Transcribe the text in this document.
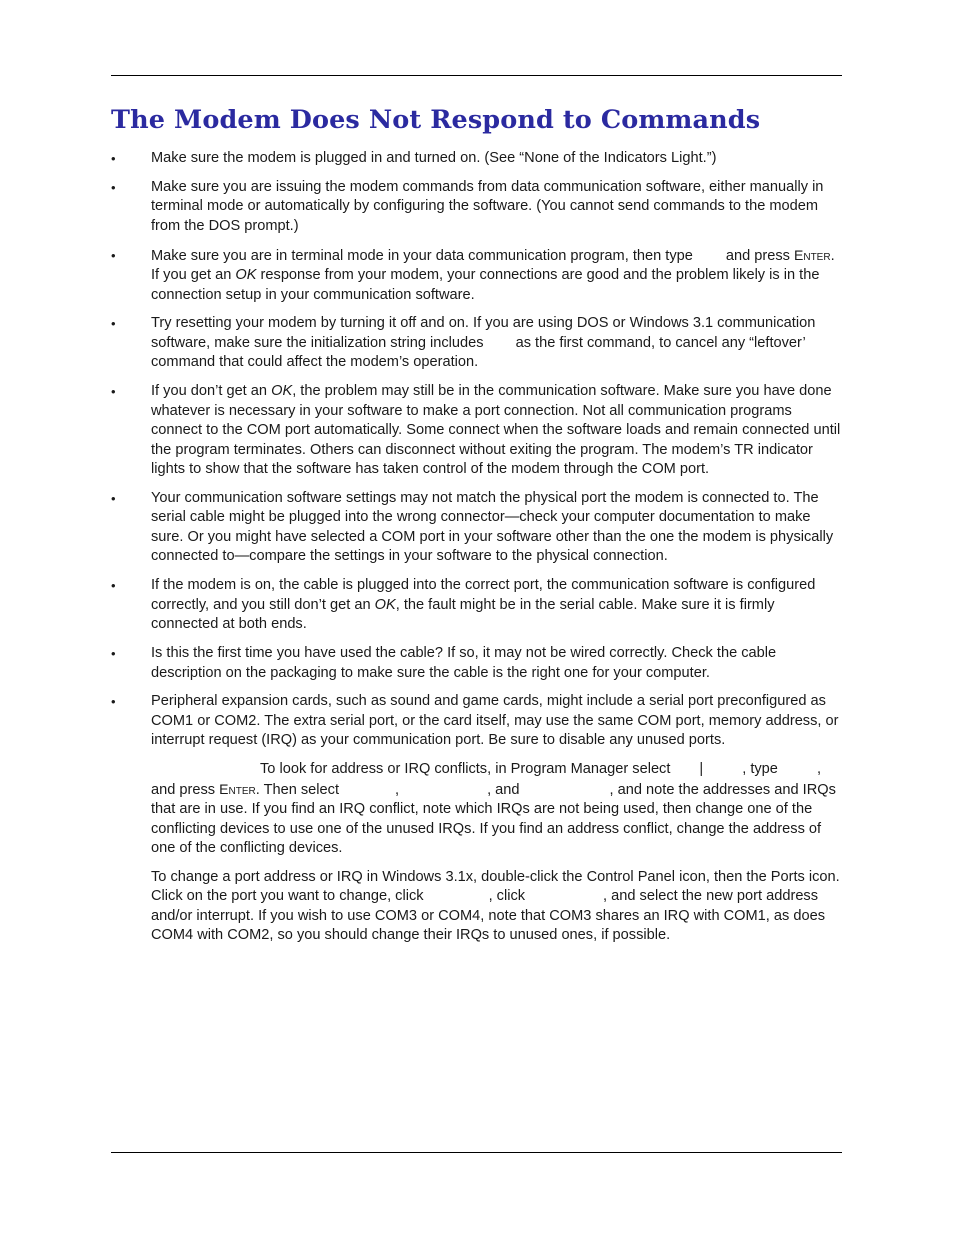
The Modem Does Not Respond to Commands
• Make sure the modem is plugged in and turned on. (See “None of the Indicators Light.”)
• Make sure you are issuing the modem commands from data communication software, either manually in terminal mode or automatically by configuring the software. (You cannot send commands to the modem from the DOS prompt.)
• Make sure you are in terminal mode in your data communication program, then type and press Enter. If you get an OK response from your modem, your connections are good and the problem likely is in the connection setup in your communication software.
• Try resetting your modem by turning it off and on. If you are using DOS or Windows 3.1 communication software, make sure the initialization string includes as the first command, to cancel any “leftover’ command that could affect the modem’s operation.
• If you don’t get an OK, the problem may still be in the communication software. Make sure you have done whatever is necessary in your software to make a port connection. Not all communication programs connect to the COM port automatically. Some connect when the software loads and remain connected until the program terminates. Others can disconnect without exiting the program. The modem’s TR indicator lights to show that the software has taken control of the modem through the COM port.
• Your communication software settings may not match the physical port the modem is connected to. The serial cable might be plugged into the wrong connector—check your computer documentation to make sure. Or you might have selected a COM port in your software other than the one the modem is physically connected to—compare the settings in your software to the physical connection.
• If the modem is on, the cable is plugged into the correct port, the communication software is configured correctly, and you still don’t get an OK, the fault might be in the serial cable. Make sure it is firmly connected at both ends.
• Is this the first time you have used the cable? If so, it may not be wired correctly. Check the cable description on the packaging to make sure the cable is the right one for your computer.
• Peripheral expansion cards, such as sound and game cards, might include a serial port preconfigured as COM1 or COM2. The extra serial port, or the card itself, may use the same COM port, memory address, or interrupt request (IRQ) as your communication port. Be sure to disable any unused ports.
To look for address or IRQ conflicts, in Program Manager select |	, type	, and press Enter. Then select	,	, and	, and note the addresses and IRQs that are in use. If you find an IRQ conflict, note which IRQs are not being used, then change one of the conflicting devices to use one of the unused IRQs. If you find an address conflict, change the address of one of the conflicting devices.
To change a port address or IRQ in Windows 3.1x, double-click the Control Panel icon, then the Ports icon. Click on the port you want to change, click	, click	, and select the new port address and/or interrupt. If you wish to use COM3 or COM4, note that COM3 shares an IRQ with COM1, as does COM4 with COM2, so you should change their IRQs to unused ones, if possible.
